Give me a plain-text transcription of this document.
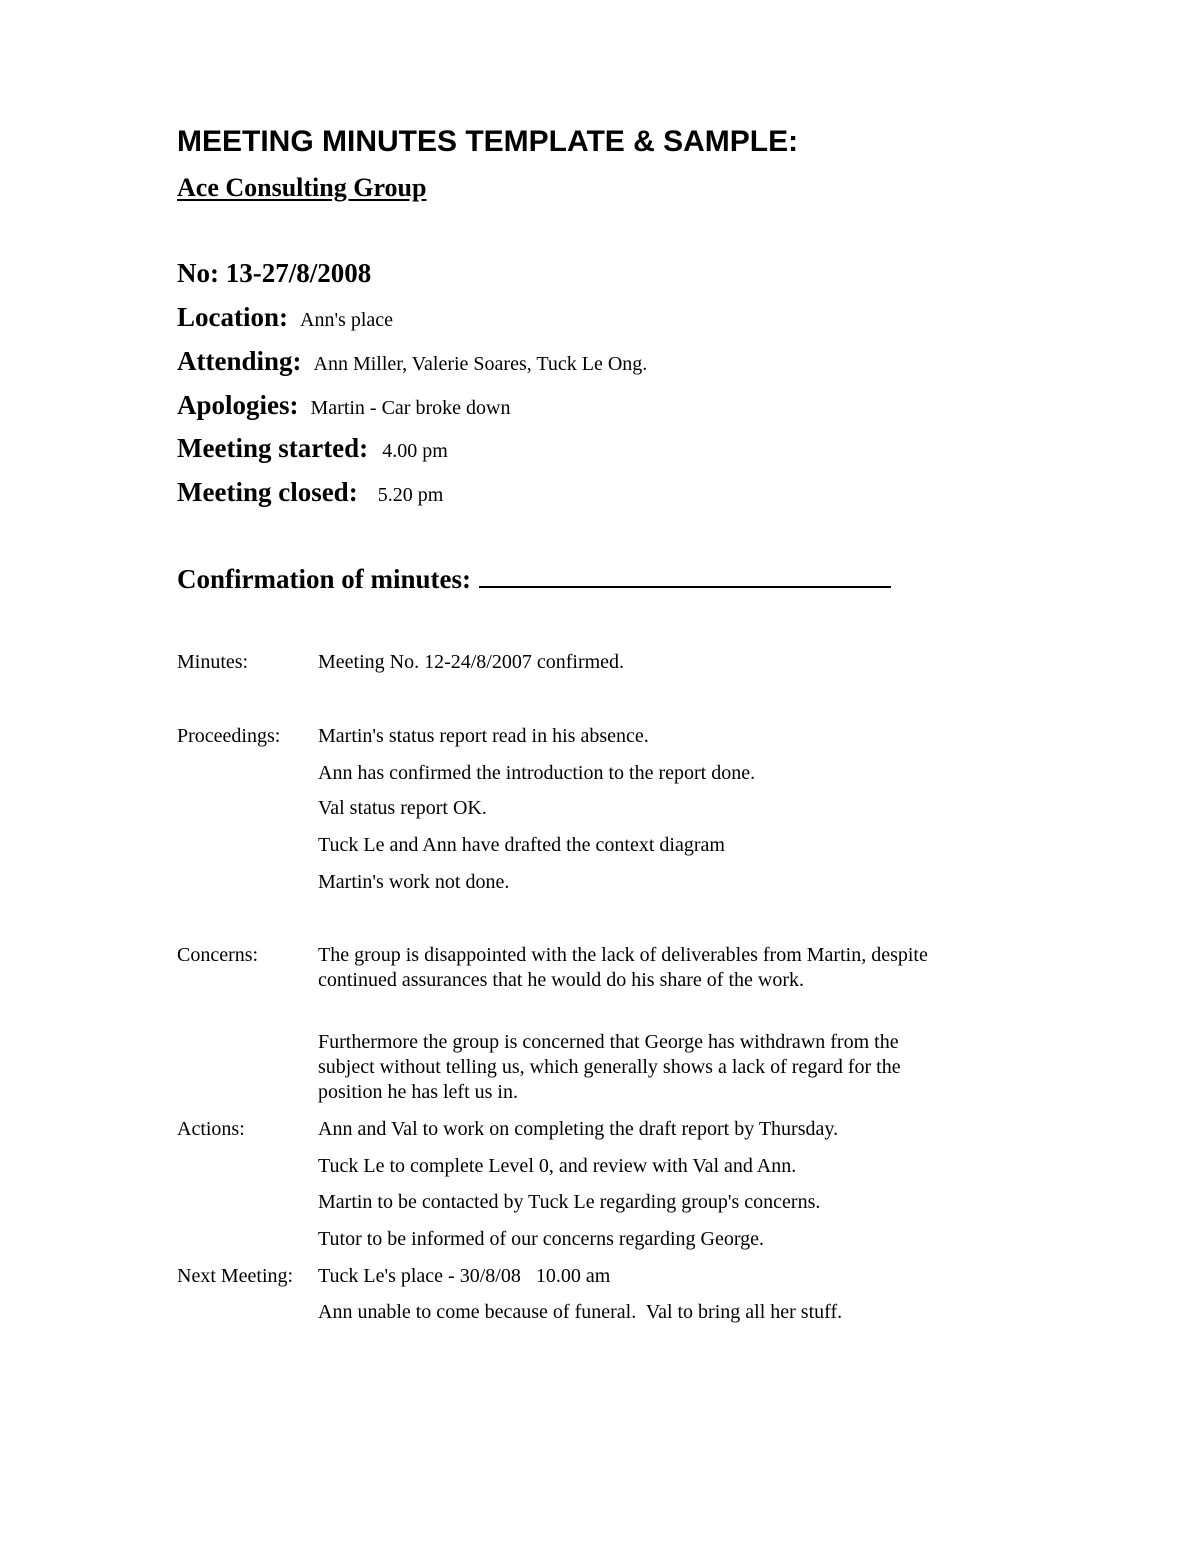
MEETING MINUTES TEMPLATE & SAMPLE:
Ace Consulting Group
No: 13-27/8/2008
Location: Ann's place
Attending: Ann Miller, Valerie Soares, Tuck Le Ong.
Apologies: Martin - Car broke down
Meeting started: 4.00 pm
Meeting closed: 5.20 pm
Confirmation of minutes:
Minutes:	Meeting No. 12-24/8/2007 confirmed.
Proceedings: Martin's status report read in his absence.
Ann has confirmed the introduction to the report done.
Val status report OK.
Tuck Le and Ann have drafted the context diagram
Martin's work not done.
Concerns:	The group is disappointed with the lack of deliverables from Martin, despite continued assurances that he would do his share of the work.
Furthermore the group is concerned that George has withdrawn from the subject without telling us, which generally shows a lack of regard for the position he has left us in.
Actions:	Ann and Val to work on completing the draft report by Thursday.
Tuck Le to complete Level 0, and review with Val and Ann.
Martin to be contacted by Tuck Le regarding group's concerns.
Tutor to be informed of our concerns regarding George.
Next Meeting: Tuck Le's place - 30/8/08   10.00 am
Ann unable to come because of funeral.  Val to bring all her stuff.
